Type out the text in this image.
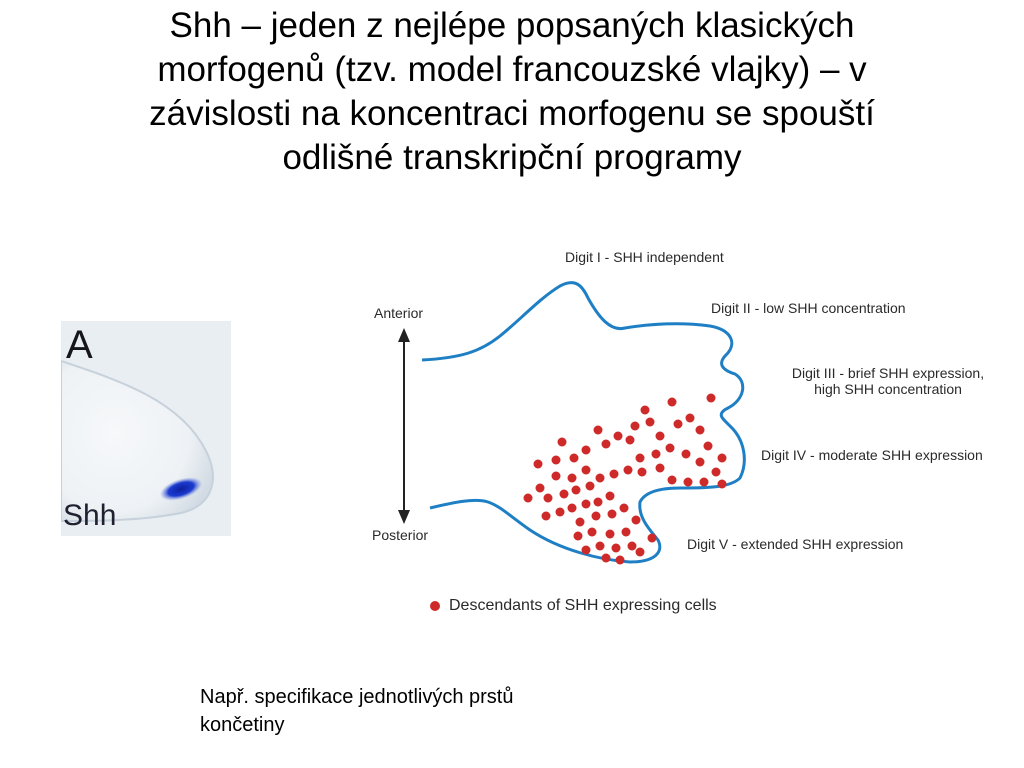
Shh – jeden z nejlépe popsaných klasických
morfogenů (tzv. model francouzské vlajky) – v
závislosti na koncentraci morfogenu se spouští
odlišné transkripční programy
A
Shh
Anterior
Posterior
Digit I - SHH independent
Digit II - low SHH concentration
Digit III - brief SHH expression,
high SHH concentration
Digit IV - moderate SHH expression
Digit V - extended SHH expression
Descendants of SHH expressing cells
Např. specifikace jednotlivých prstů
končetiny
